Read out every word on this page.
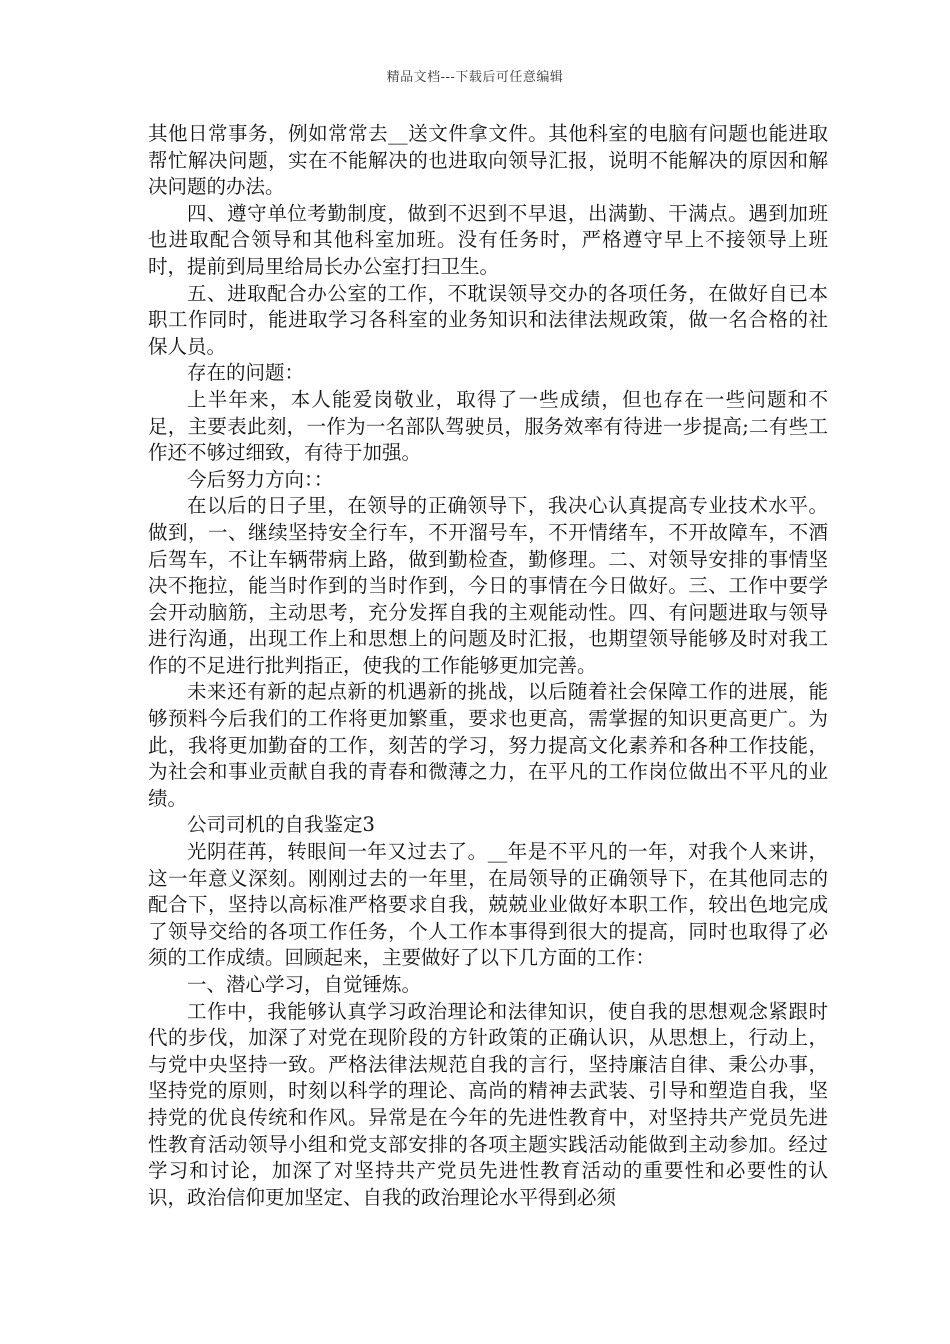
精品文档---下载后可任意编辑

其他日常事务，例如常常去__送文件拿文件。其他科室的电脑有问题也能进取帮忙解决问题，实在不能解决的也进取向领导汇报，说明不能解决的原因和解决问题的办法。

四、遵守单位考勤制度，做到不迟到不早退，出满勤、干满点。遇到加班也进取配合领导和其他科室加班。没有任务时，严格遵守早上不接领导上班时，提前到局里给局长办公室打扫卫生。

五、进取配合办公室的工作，不耽误领导交办的各项任务，在做好自已本职工作同时，能进取学习各科室的业务知识和法律法规政策，做一名合格的社保人员。

存在的问题：

上半年来，本人能爱岗敬业，取得了一些成绩，但也存在一些问题和不足，主要表此刻，一作为一名部队驾驶员，服务效率有待进一步提高;二有些工作还不够过细致，有待于加强。

今后努力方向：：

在以后的日子里，在领导的正确领导下，我决心认真提高专业技术水平。做到，一、继续坚持安全行车，不开溜号车，不开情绪车，不开故障车，不酒后驾车，不让车辆带病上路，做到勤检查，勤修理。二、对领导安排的事情坚决不拖拉，能当时作到的当时作到，今日的事情在今日做好。三、工作中要学会开动脑筋，主动思考，充分发挥自我的主观能动性。四、有问题进取与领导进行沟通，出现工作上和思想上的问题及时汇报，也期望领导能够及时对我工作的不足进行批判指正，使我的工作能够更加完善。

未来还有新的起点新的机遇新的挑战，以后随着社会保障工作的进展，能够预料今后我们的工作将更加繁重，要求也更高，需掌握的知识更高更广。为此，我将更加勤奋的工作，刻苦的学习，努力提高文化素养和各种工作技能，为社会和事业贡献自我的青春和微薄之力，在平凡的工作岗位做出不平凡的业绩。

公司司机的自我鉴定3

光阴荏苒，转眼间一年又过去了。__年是不平凡的一年，对我个人来讲，这一年意义深刻。刚刚过去的一年里，在局领导的正确领导下，在其他同志的配合下，坚持以高标准严格要求自我，兢兢业业做好本职工作，较出色地完成了领导交给的各项工作任务，个人工作本事得到很大的提高，同时也取得了必须的工作成绩。回顾起来，主要做好了以下几方面的工作：

一、潜心学习，自觉锤炼。

工作中，我能够认真学习政治理论和法律知识，使自我的思想观念紧跟时代的步伐，加深了对党在现阶段的方针政策的正确认识，从思想上，行动上，与党中央坚持一致。严格法律法规范自我的言行，坚持廉洁自律、秉公办事，坚持党的原则，时刻以科学的理论、高尚的精神去武装、引导和塑造自我，坚持党的优良传统和作风。异常是在今年的先进性教育中，对坚持共产党员先进性教育活动领导小组和党支部安排的各项主题实践活动能做到主动参加。经过学习和讨论，加深了对坚持共产党员先进性教育活动的重要性和必要性的认识，政治信仰更加坚定、自我的政治理论水平得到必须
